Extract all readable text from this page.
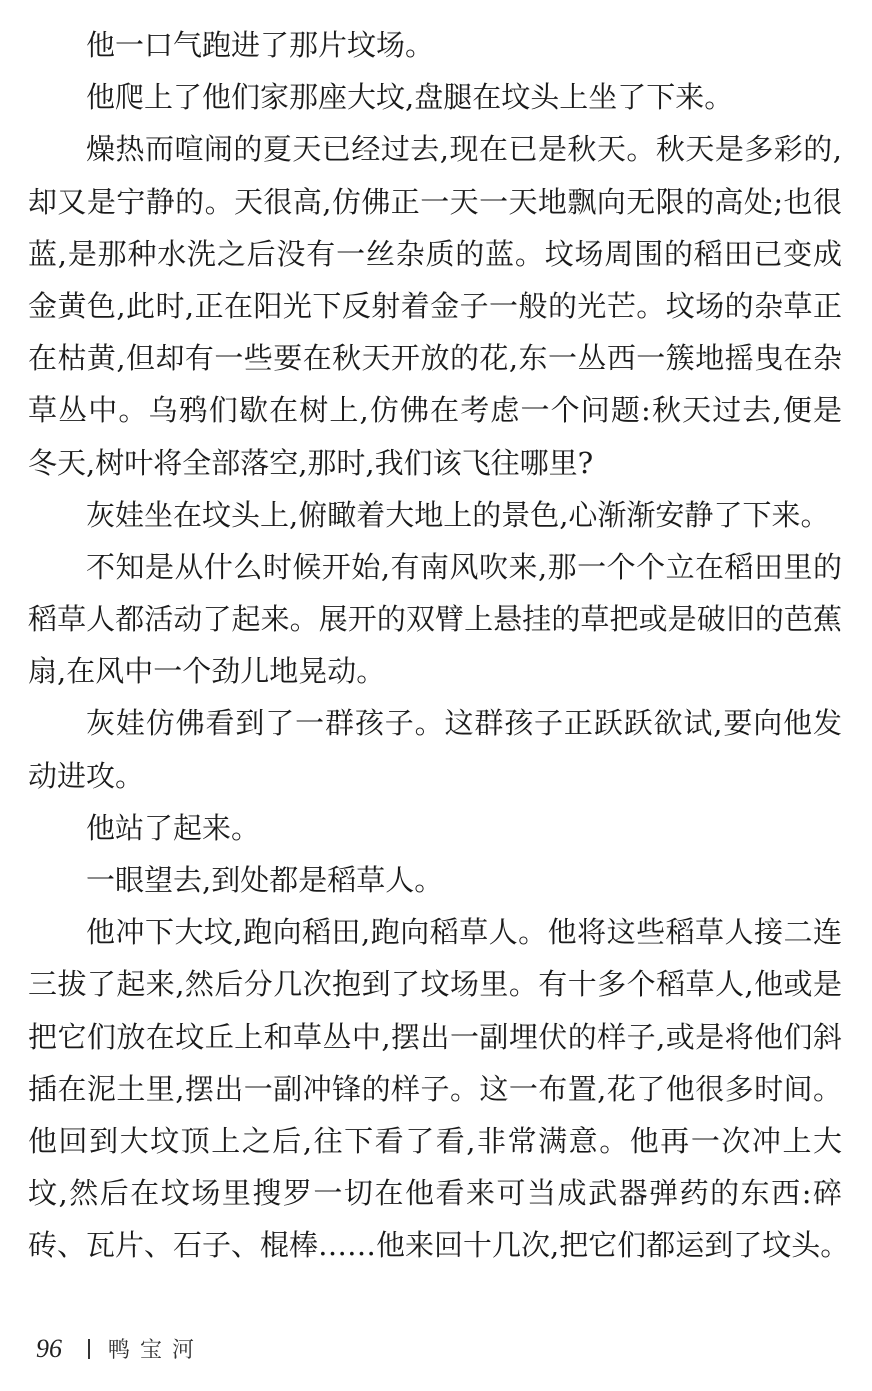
他一口气跑进了那片坟场。
他爬上了他们家那座大坟,盘腿在坟头上坐了下来。
燥热而喧闹的夏天已经过去,现在已是秋天。秋天是多彩的,
却又是宁静的。天很高,仿佛正一天一天地飘向无限的高处;也很
蓝,是那种水洗之后没有一丝杂质的蓝。坟场周围的稻田已变成
金黄色,此时,正在阳光下反射着金子一般的光芒。坟场的杂草正
在枯黄,但却有一些要在秋天开放的花,东一丛西一簇地摇曳在杂
草丛中。乌鸦们歇在树上,仿佛在考虑一个问题:秋天过去,便是
冬天,树叶将全部落空,那时,我们该飞往哪里?
灰娃坐在坟头上,俯瞰着大地上的景色,心渐渐安静了下来。
不知是从什么时候开始,有南风吹来,那一个个立在稻田里的
稻草人都活动了起来。展开的双臂上悬挂的草把或是破旧的芭蕉
扇,在风中一个劲儿地晃动。
灰娃仿佛看到了一群孩子。这群孩子正跃跃欲试,要向他发
动进攻。
他站了起来。
一眼望去,到处都是稻草人。
他冲下大坟,跑向稻田,跑向稻草人。他将这些稻草人接二连
三拔了起来,然后分几次抱到了坟场里。有十多个稻草人,他或是
把它们放在坟丘上和草丛中,摆出一副埋伏的样子,或是将他们斜
插在泥土里,摆出一副冲锋的样子。这一布置,花了他很多时间。
他回到大坟顶上之后,往下看了看,非常满意。他再一次冲上大
坟,然后在坟场里搜罗一切在他看来可当成武器弹药的东西:碎
砖、瓦片、石子、棍棒……他来回十几次,把它们都运到了坟头。
96 鸭宝河
